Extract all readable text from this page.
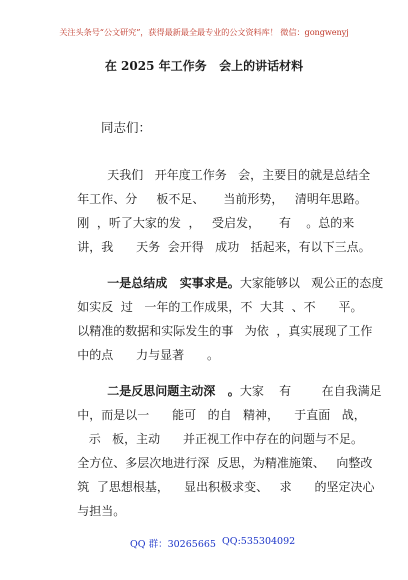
关注头条号“公文研究”，获得最新最全最专业的公文资料库！ 微信：gongwenyj
在 2025 年工作务   会上的讲话材料
同志们：

天我们   开年度工作务   会，主要目的就是总结全

年工作、分     板不足、     当前形势，   清明年思路。

刚  ，听了大家的发  ，   受启发，     有    。总的来

讲，我      天务  会开得   成功   括起来，有以下三点。

一是总结成   实事求是。大家能够以   观公正的态度

如实反  过   一年的工作成果，不  大其  、不      平。

以精准的数据和实际发生的事   为依  ，真实展现了工作

中的点      力与显著      。

二是反思问题主动深   。大家    有        在自我满足

中，而是以一      能可   的自   精神，    于直面   战，

示   板，主动      并正视工作中存在的问题与不足。

全方位、多层次地进行深  反思，为精准施策、   向整改

筑  了思想根基，    显出积极求变、   求      的坚定决心

与担当。

QQ 群：30265665 QQ:535304092
